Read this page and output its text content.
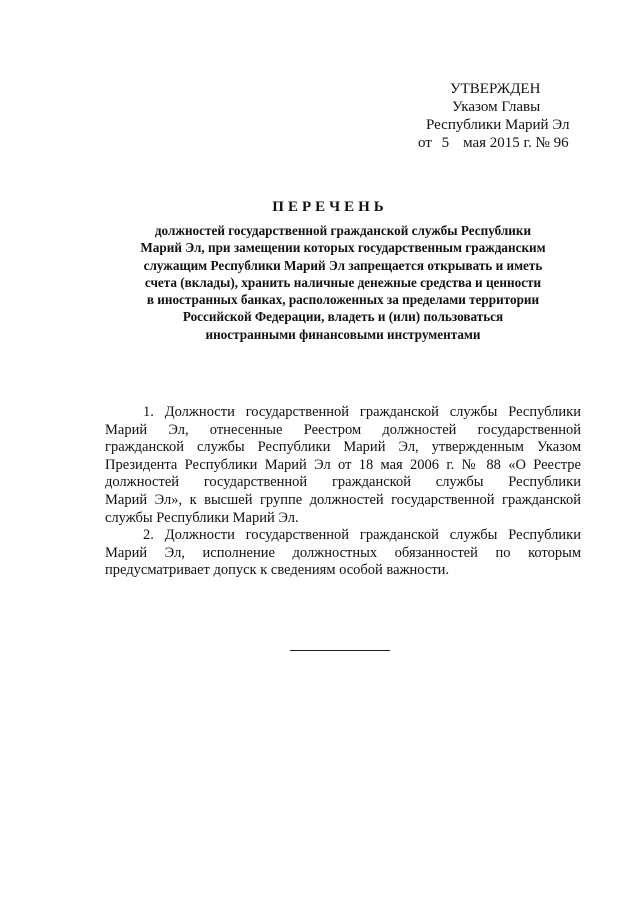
УТВЕРЖДЕН
Указом Главы
Республики Марий Эл
от 5 мая 2015 г. № 96
ПЕРЕЧЕНЬ
должностей государственной гражданской службы Республики
Марий Эл, при замещении которых государственным гражданским
служащим Республики Марий Эл запрещается открывать и иметь
счета (вклады), хранить наличные денежные средства и ценности
в иностранных банках, расположенных за пределами территории
Российской Федерации, владеть и (или) пользоваться
иностранными финансовыми инструментами
1. Должности государственной гражданской службы Республики
Марий Эл, отнесенные Реестром должностей государственной
гражданской службы Республики Марий Эл, утвержденным Указом
Президента Республики Марий Эл от 18 мая 2006 г. № 88 «О Реестре
должностей государственной гражданской службы Республики
Марий Эл», к высшей группе должностей государственной гражданской
службы Республики Марий Эл.
2. Должности государственной гражданской службы Республики
Марий Эл, исполнение должностных обязанностей по которым
предусматривает допуск к сведениям особой важности.
